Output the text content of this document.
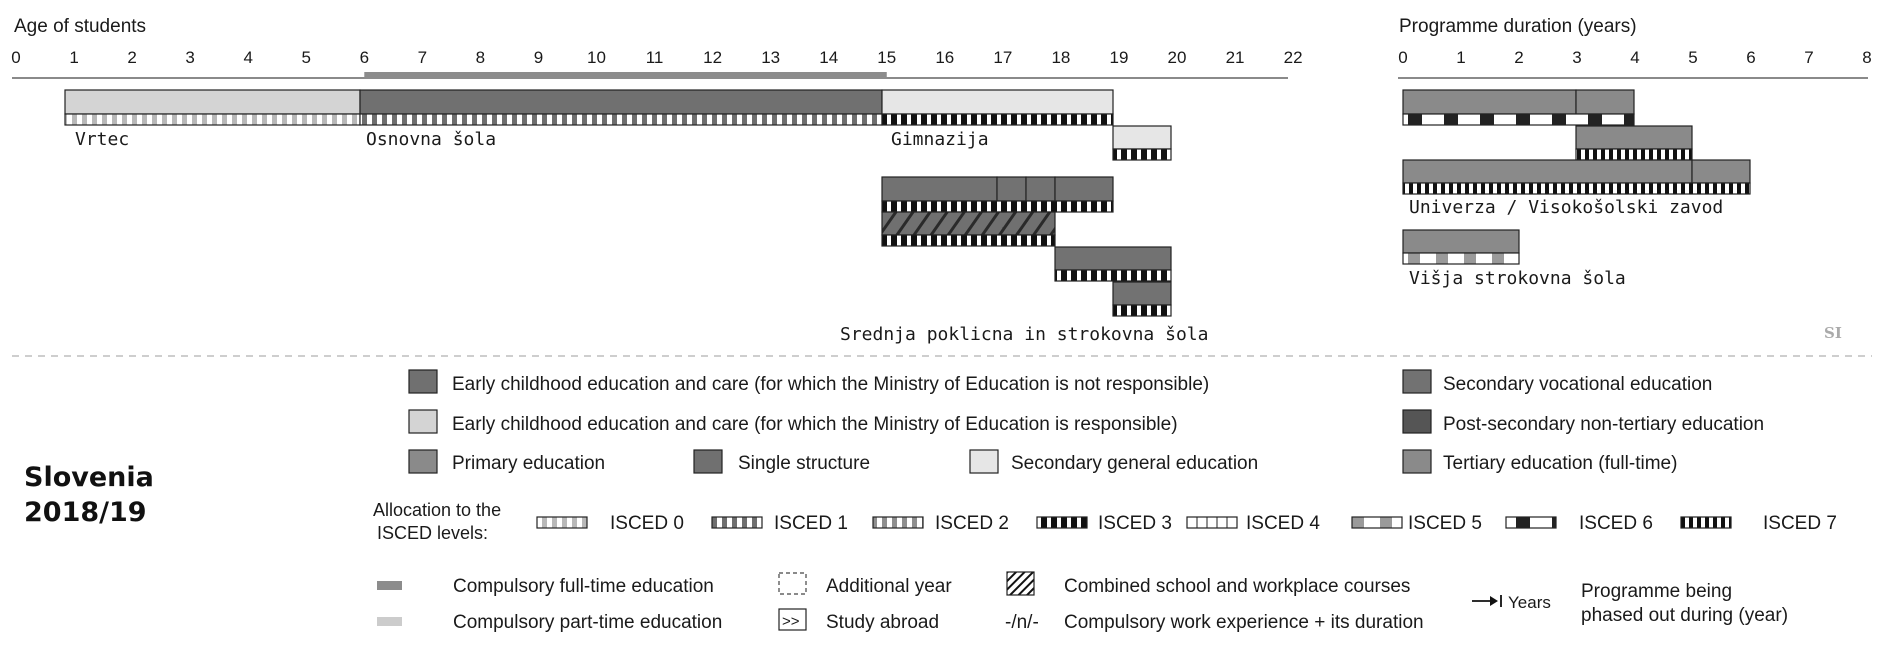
Age of students
0	1	2	3	4	5	6	7	8	9	10 11 12 13 14 15 16 17 18 19 20 21 22
Programme duration (years)
0	1	2	3	4	5	6	7	8
Vrtec	Osnovna šola	Gimnazija
Srednja poklicna in strokovna šola
Univerza / Visokošolski zavod
Višja strokovna šola
SI
Slovenia
2018/19
Early childhood education and care (for which the Ministry of Education is not responsible)
Early childhood education and care (for which the Ministry of Education is responsible)
Primary education	Single structure	Secondary general education
Secondary vocational education
Post-secondary non-tertiary education
Tertiary education (full-time)
Allocation to the
ISCED levels:	ISCED 0	ISCED 1	ISCED 2	ISCED 3	ISCED 4	ISCED 5	ISCED 6	ISCED 7
Compulsory full-time education
Compulsory part-time education
Additional year
>> Study abroad
Combined school and workplace courses
-/n/- Compulsory work experience + its duration
Years
Programme being
phased out during (year)
